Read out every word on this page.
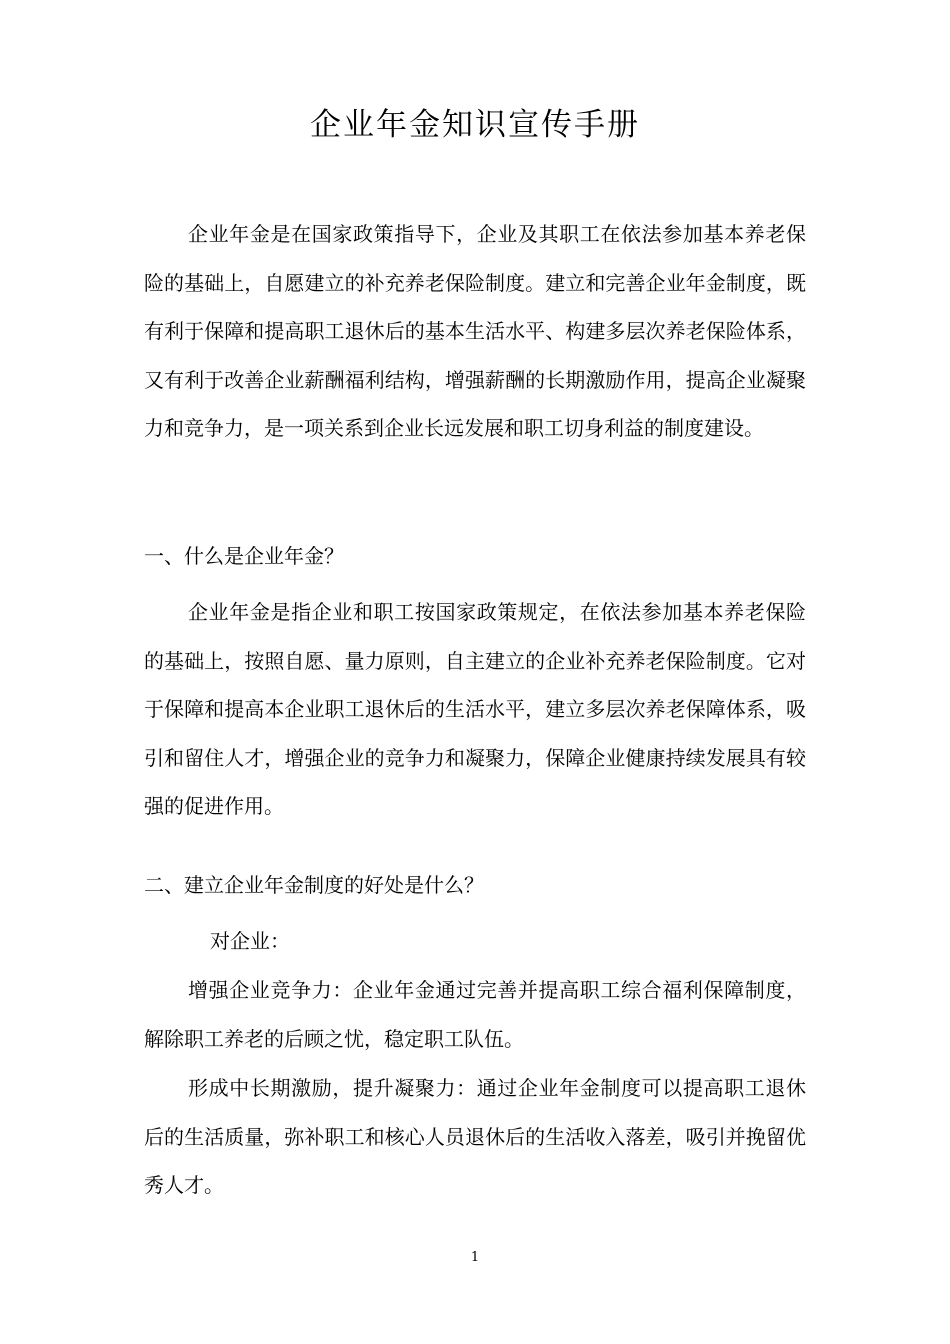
企业年金知识宣传手册

企业年金是在国家政策指导下，企业及其职工在依法参加基本养老保险的基础上，自愿建立的补充养老保险制度。建立和完善企业年金制度，既有利于保障和提高职工退休后的基本生活水平、构建多层次养老保险体系，又有利于改善企业薪酬福利结构，增强薪酬的长期激励作用，提高企业凝聚力和竞争力，是一项关系到企业长远发展和职工切身利益的制度建设。

一、什么是企业年金？

企业年金是指企业和职工按国家政策规定，在依法参加基本养老保险的基础上，按照自愿、量力原则，自主建立的企业补充养老保险制度。它对于保障和提高本企业职工退休后的生活水平，建立多层次养老保障体系，吸引和留住人才，增强企业的竞争力和凝聚力，保障企业健康持续发展具有较强的促进作用。

二、建立企业年金制度的好处是什么？

对企业：

增强企业竞争力：企业年金通过完善并提高职工综合福利保障制度，解除职工养老的后顾之忧，稳定职工队伍。

形成中长期激励，提升凝聚力：通过企业年金制度可以提高职工退休后的生活质量，弥补职工和核心人员退休后的生活收入落差，吸引并挽留优秀人才。

1
